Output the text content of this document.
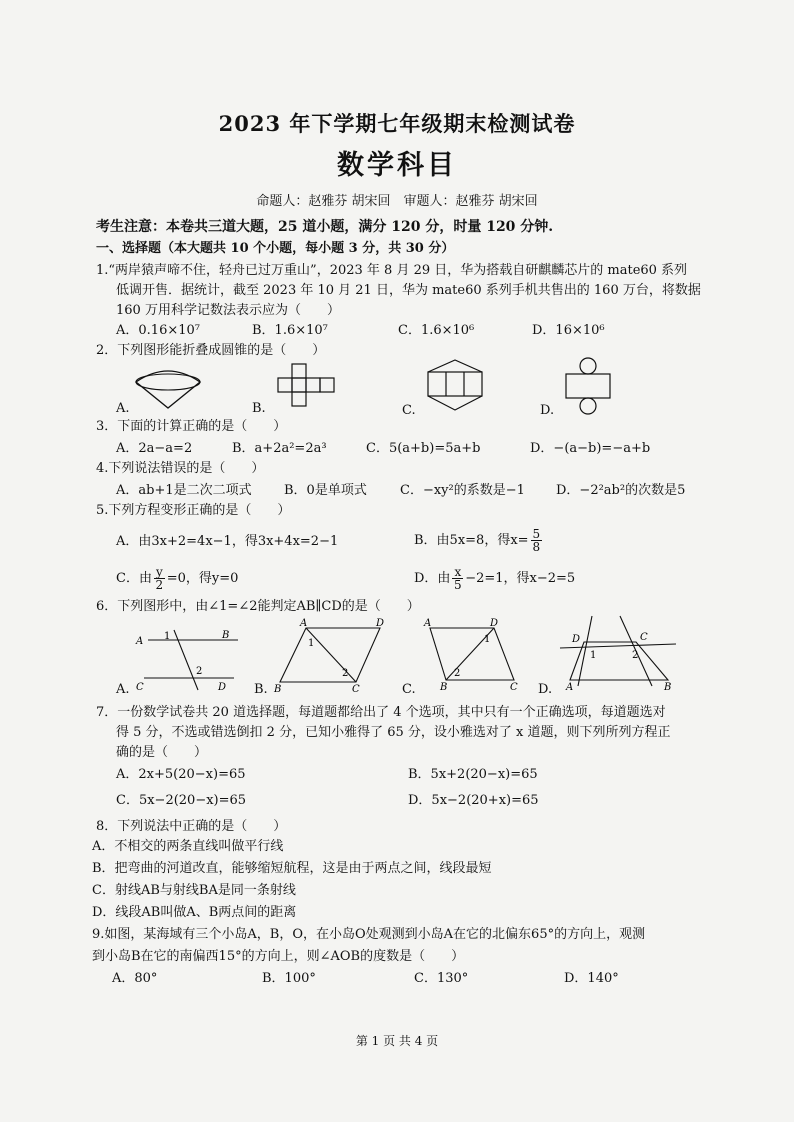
2023 年下学期七年级期末检测试卷
数学科目
命题人：赵雅芬 胡宋回　审题人：赵雅芬 胡宋回
考生注意：本卷共三道大题，25 道小题，满分 120 分，时量 120 分钟.
一、选择题（本大题共 10 个小题，每小题 3 分，共 30 分）
1.“两岸猿声啼不住，轻舟已过万重山”，2023 年 8 月 29 日，华为搭载自研麒麟芯片的 mate60 系列
低调开售．据统计，截至 2023 年 10 月 21 日，华为 mate60 系列手机共售出的 160 万台，将数据
160 万用科学记数法表示应为（　　）
A．0.16×10⁷	B．1.6×10⁷	C．1.6×10⁶	D．16×10⁶
2．下列图形能折叠成圆锥的是（　　）
A.	B.	C.	D.
3．下面的计算正确的是（　　）
A．2a−a=2	B．a+2a²=2a³	C．5(a+b)=5a+b	D．−(a−b)=−a+b
4.下列说法错误的是（　　）
A．ab+1是二次二项式 B．0是单项式	C．−xy²的系数是−1 D．−2²ab²的次数是5
5.下列方程变形正确的是（　　）
A．由3x+2=4x−1，得3x+4x=2−1	B．由5x=8，得$x= \frac{5}{8}$
C．由 $\frac{y}{2} =0$，得y=0	D．由 $\frac{x}{5} -2=1$，得x−2=5
6．下列图形中，由∠1=∠2能判定AB∥CD的是（　　）
A.
A
B
1
2
C	D B.
A	D
B	C
1
2
C.
A	D
B	C
1
2
D.
D	C
A	B
1	2
7．一份数学试卷共 20 道选择题，每道题都给出了 4 个选项，其中只有一个正确选项，每道题选对
得 5 分，不选或错选倒扣 2 分，已知小雅得了 65 分，设小雅选对了 x 道题，则下列所列方程正
确的是（　　）
A．2x+5(20−x)=65	B．5x+2(20−x)=65
C．5x−2(20−x)=65	D．5x−2(20+x)=65
8．下列说法中正确的是（　　）
A．不相交的两条直线叫做平行线
B．把弯曲的河道改直，能够缩短航程，这是由于两点之间，线段最短
C．射线AB与射线BA是同一条射线
D．线段AB叫做A、B两点间的距离
9.如图，某海域有三个小岛A，B，O，在小岛O处观测到小岛A在它的北偏东65°的方向上，观测
到小岛B在它的南偏西15°的方向上，则∠AOB的度数是（　　）
A．80°	B．100°	C．130°	D．140°
第 1 页 共 4 页
